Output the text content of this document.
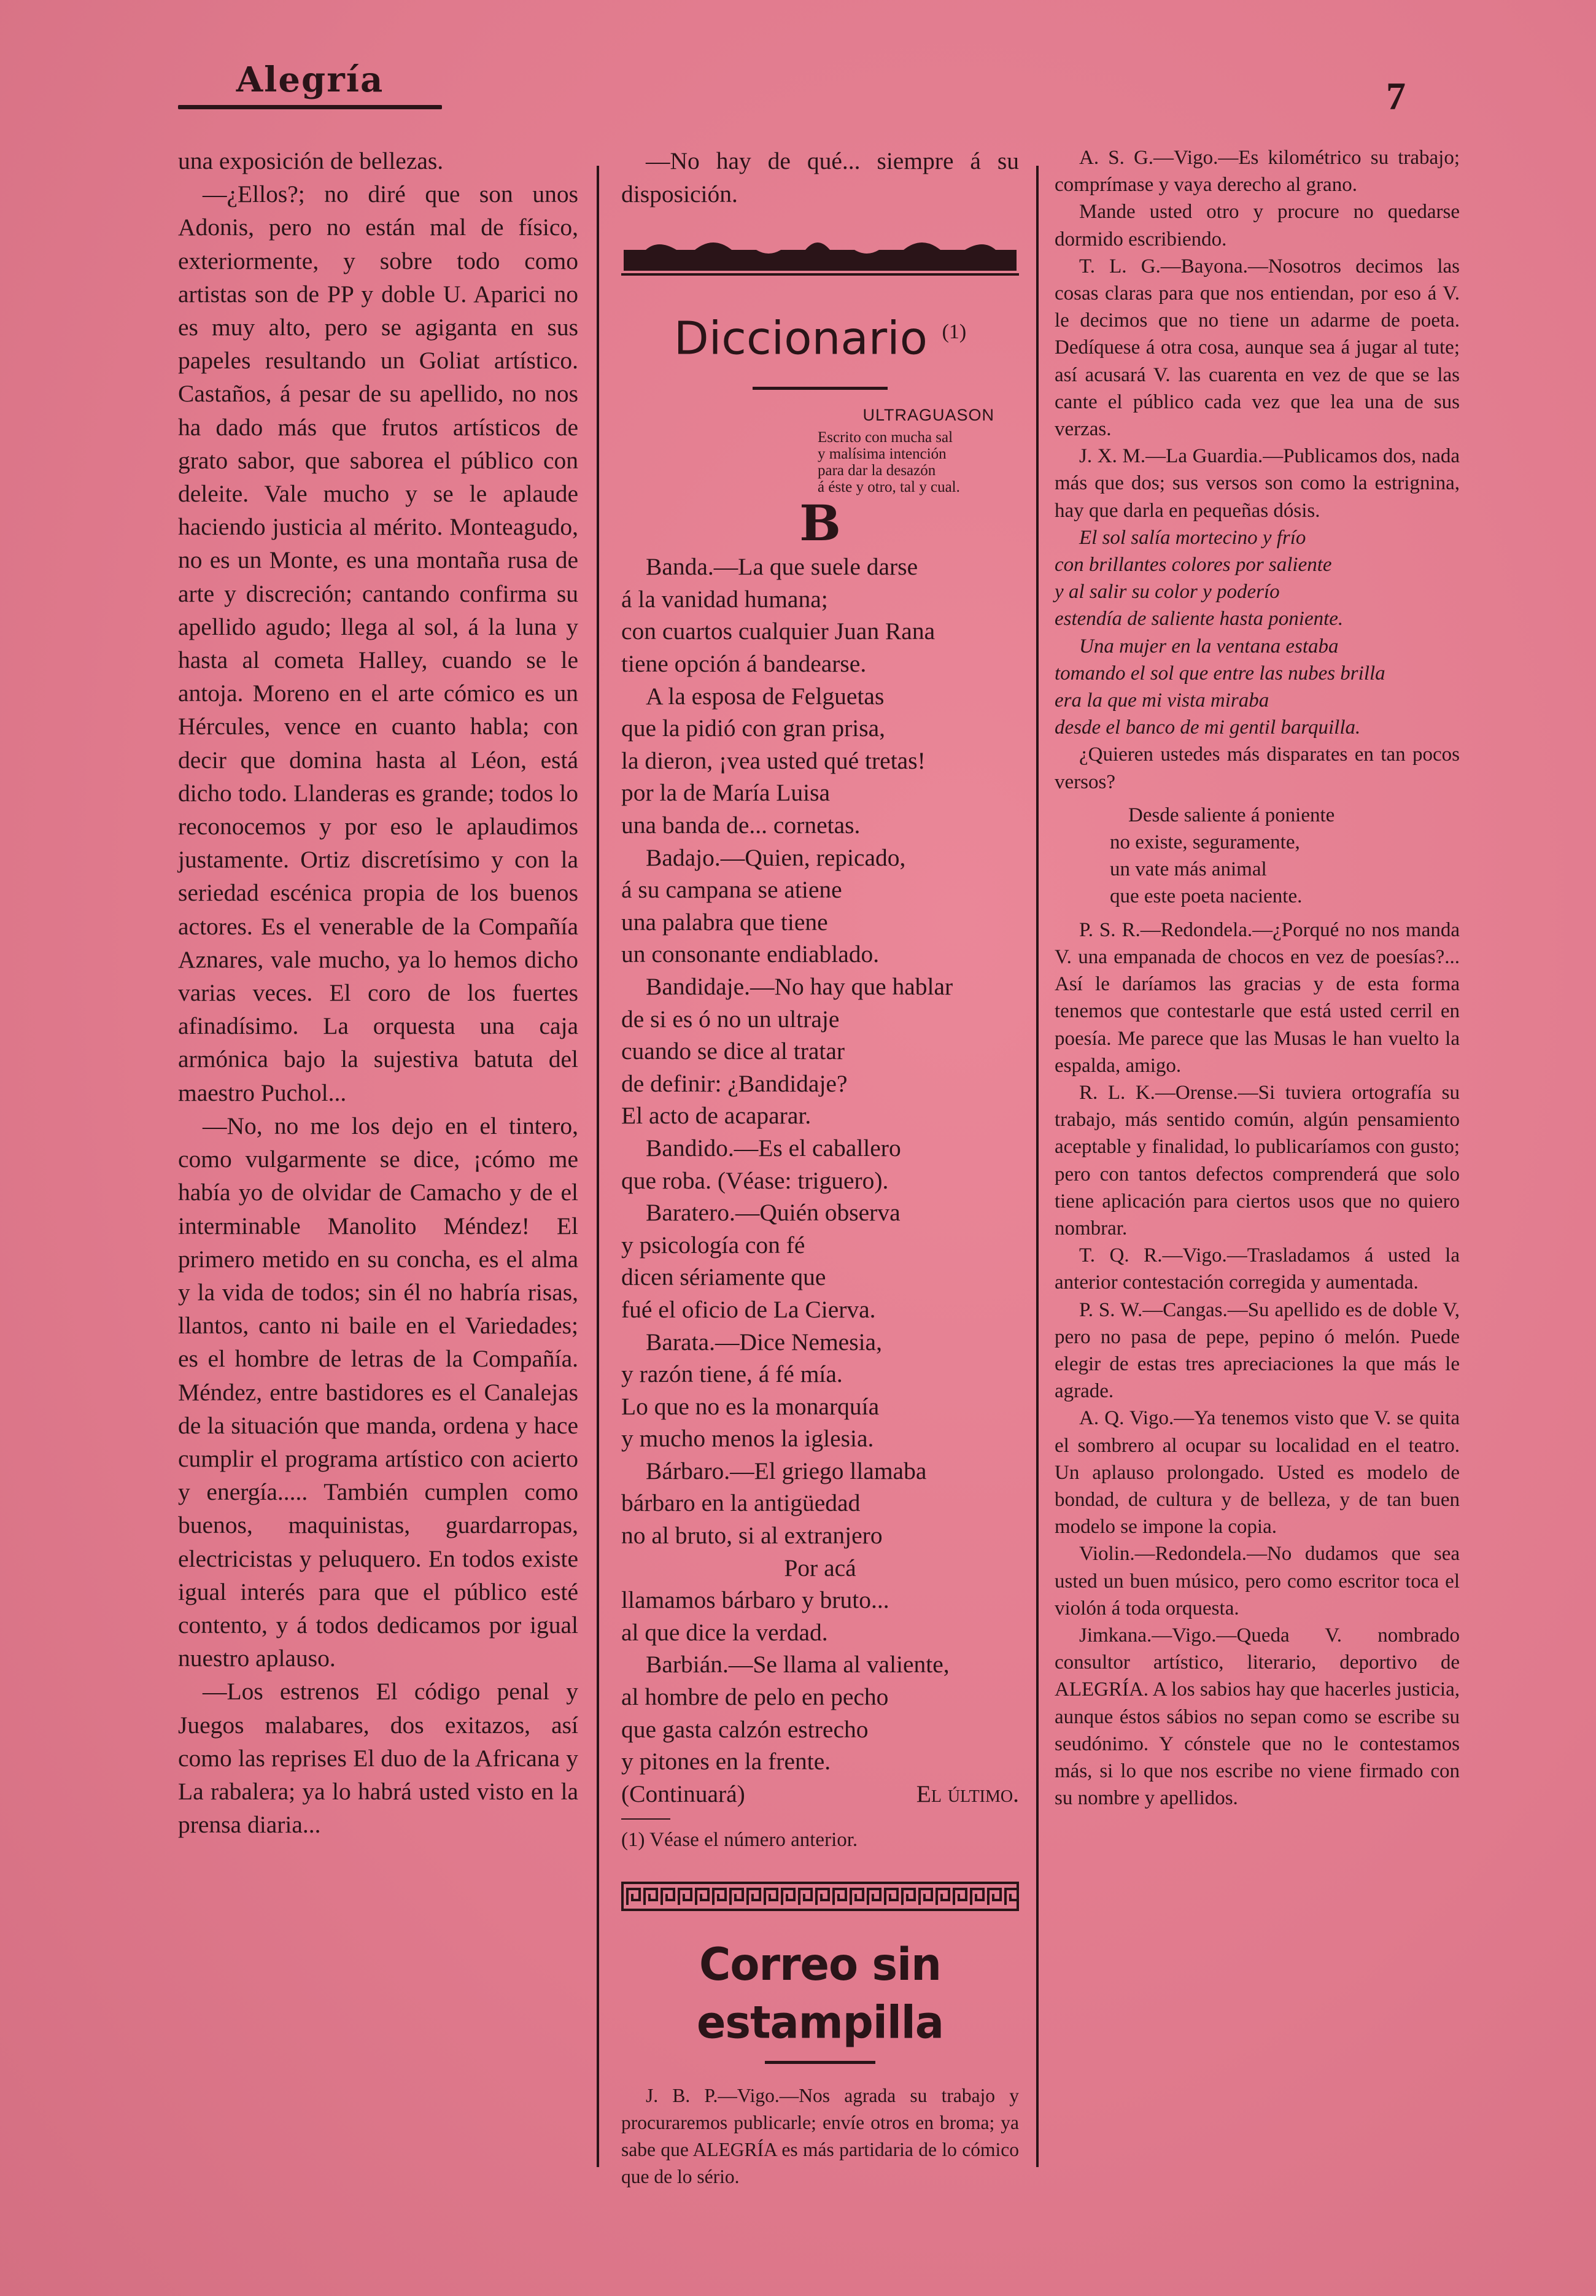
Alegría	7

una exposición de bellezas.

—¿Ellos?; no diré que son unos Adonis, pero no están mal de físico, exteriormente, y sobre todo como artistas son de PP y doble U. Aparici no es muy alto, pero se agiganta en sus papeles resultando un Goliat artístico. Castaños, á pesar de su apellido, no nos ha dado más que frutos artísticos de grato sabor, que saborea el público con deleite. Vale mucho y se le aplaude haciendo justicia al mérito. Monteagudo, no es un Monte, es una montaña rusa de arte y discreción; cantando confirma su apellido agudo; llega al sol, á la luna y hasta al cometa Halley, cuando se le antoja. Moreno en el arte cómico es un Hércules, vence en cuanto habla; con decir que domina hasta al Léon, está dicho todo. Llanderas es grande; todos lo reconocemos y por eso le aplaudimos justamente. Ortiz discretísimo y con la seriedad escénica propia de los buenos actores. Es el venerable de la Compañía Aznares, vale mucho, ya lo hemos dicho varias veces. El coro de los fuertes afinadísimo. La orquesta una caja armónica bajo la sujestiva batuta del maestro Puchol...

—No, no me los dejo en el tintero, como vulgarmente se dice, ¡cómo me había yo de olvidar de Camacho y de el interminable Manolito Méndez! El primero metido en su concha, es el alma y la vida de todos; sin él no habría risas, llantos, canto ni baile en el Variedades; es el hombre de letras de la Compañía. Méndez, entre bastidores es el Canalejas de la situación que manda, ordena y hace cumplir el programa artístico con acierto y energía..... También cumplen como buenos, maquinistas, guardarropas, electricistas y peluquero. En todos existe igual interés para que el público esté contento, y á todos dedicamos por igual nuestro aplauso.

—Los estrenos El código penal y Juegos malabares, dos exitazos, así como las reprises El duo de la Africana y La rabalera; ya lo habrá usted visto en la prensa diaria...

—No hay de qué... siempre á su disposición.

Diccionario $^{(1)}$
ULTRAGUASON
Escrito con mucha sal
y malísima intención
para dar la desazón
á éste y otro, tal y cual.
B

Banda.—La que suele darse

á la vanidad humana;

con cuartos cualquier Juan Rana

tiene opción á bandearse.

A la esposa de Felguetas

que la pidió con gran prisa,

la dieron, ¡vea usted qué tretas!

por la de María Luisa

una banda de... cornetas.

Badajo.—Quien, repicado,

á su campana se atiene

una palabra que tiene

un consonante endiablado.

Bandidaje.—No hay que hablar

de si es ó no un ultraje

cuando se dice al tratar

de definir: ¿Bandidaje?

El acto de acaparar.

Bandido.—Es el caballero

que roba. (Véase: triguero).

Baratero.—Quién observa

y psicología con fé

dicen sériamente que

fué el oficio de La Cierva.

Barata.—Dice Nemesia,

y razón tiene, á fé mía.

Lo que no es la monarquía

y mucho menos la iglesia.

Bárbaro.—El griego llamaba

bárbaro en la antigüedad

no al bruto, si al extranjero

Por acá

llamamos bárbaro y bruto...

al que dice la verdad.

Barbián.—Se llama al valiente,

al hombre de pelo en pecho

que gasta calzón estrecho

y pitones en la frente.

(Continuará)	El último.
(1) Véase el número anterior.
Correo sin estampilla

J. B. P.—Vigo.—Nos agrada su trabajo y procuraremos publicarle; envíe otros en broma; ya sabe que ALEGRÍA es más partidaria de lo cómico que de lo sério.

A. S. G.—Vigo.—Es kilométrico su trabajo; comprímase y vaya derecho al grano.

Mande usted otro y procure no quedarse dormido escribiendo.

T. L. G.—Bayona.—Nosotros decimos las cosas claras para que nos entiendan, por eso á V. le decimos que no tiene un adarme de poeta. Dedíquese á otra cosa, aunque sea á jugar al tute; así acusará V. las cuarenta en vez de que se las cante el público cada vez que lea una de sus verzas.

J. X. M.—La Guardia.—Publicamos dos, nada más que dos; sus versos son como la estrignina, hay que darla en pequeñas dósis.

El sol salía mortecino y frío

con brillantes colores por saliente

y al salir su color y poderío

estendía de saliente hasta poniente.

Una mujer en la ventana estaba

tomando el sol que entre las nubes brilla

era la que mi vista miraba

desde el banco de mi gentil barquilla.

¿Quieren ustedes más disparates en tan pocos versos?

Desde saliente á poniente

no existe, seguramente,

un vate más animal

que este poeta naciente.

P. S. R.—Redondela.—¿Porqué no nos manda V. una empanada de chocos en vez de poesías?... Así le daríamos las gracias y de esta forma tenemos que contestarle que está usted cerril en poesía. Me parece que las Musas le han vuelto la espalda, amigo.

R. L. K.—Orense.—Si tuviera ortografía su trabajo, más sentido común, algún pensamiento aceptable y finalidad, lo publicaríamos con gusto; pero con tantos defectos comprenderá que solo tiene aplicación para ciertos usos que no quiero nombrar.

T. Q. R.—Vigo.—Trasladamos á usted la anterior contestación corregida y aumentada.

P. S. W.—Cangas.—Su apellido es de doble V, pero no pasa de pepe, pepino ó melón. Puede elegir de estas tres apreciaciones la que más le agrade.

A. Q. Vigo.—Ya tenemos visto que V. se quita el sombrero al ocupar su localidad en el teatro. Un aplauso prolongado. Usted es modelo de bondad, de cultura y de belleza, y de tan buen modelo se impone la copia.

Violin.—Redondela.—No dudamos que sea usted un buen músico, pero como escritor toca el violón á toda orquesta.

Jimkana.—Vigo.—Queda V. nombrado consultor artístico, literario, deportivo de ALEGRÍA. A los sabios hay que hacerles justicia, aunque éstos sábios no sepan como se escribe su seudónimo. Y cónstele que no le contestamos más, si lo que nos escribe no viene firmado con su nombre y apellidos.
